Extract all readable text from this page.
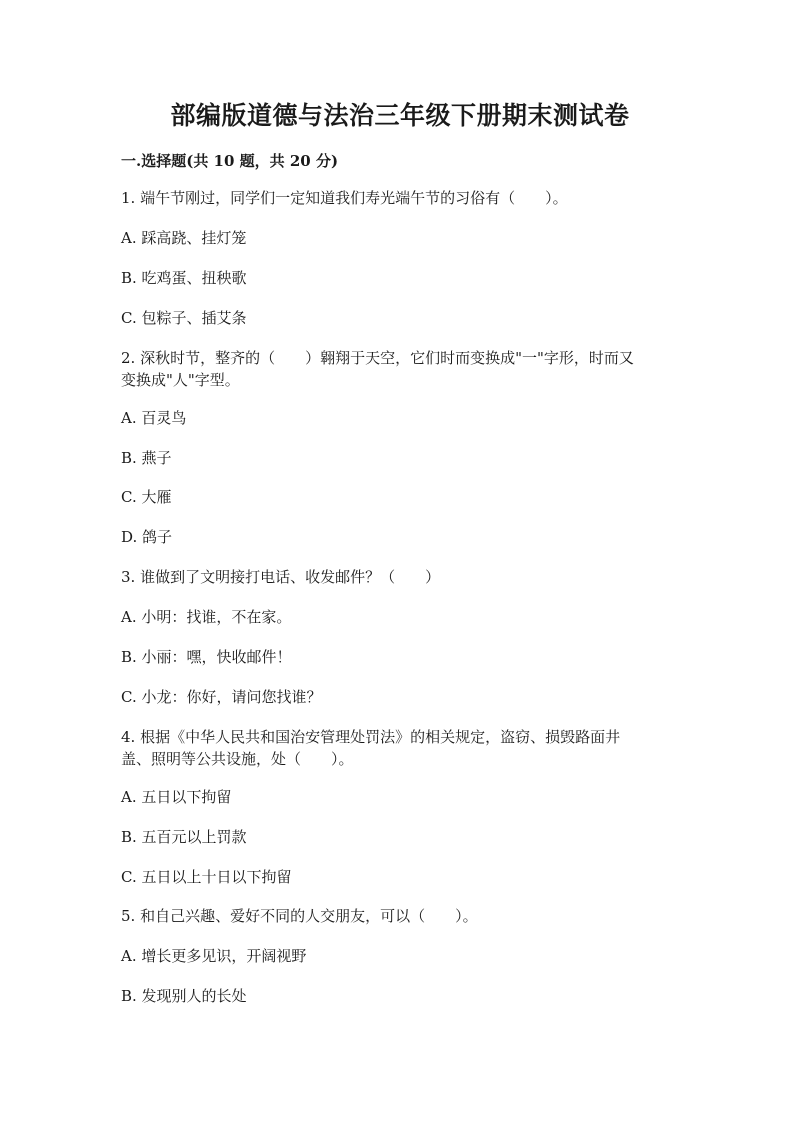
部编版道德与法治三年级下册期末测试卷
一.选择题(共 10 题，共 20 分)

1. 端午节刚过，同学们一定知道我们寿光端午节的习俗有（　　）。

A. 踩高跷、挂灯笼

B. 吃鸡蛋、扭秧歌

C. 包粽子、插艾条

2. 深秋时节，整齐的（　　）翱翔于天空，它们时而变换成"一"字形，时而又

变换成"人"字型。

A. 百灵鸟

B. 燕子

C. 大雁

D. 鸽子

3. 谁做到了文明接打电话、收发邮件？（　　）

A. 小明：找谁，不在家。

B. 小丽：嘿，快收邮件！

C. 小龙：你好，请问您找谁？

4. 根据《中华人民共和国治安管理处罚法》的相关规定，盗窃、损毁路面井

盖、照明等公共设施，处（　　）。

A. 五日以下拘留

B. 五百元以上罚款

C. 五日以上十日以下拘留

5. 和自己兴趣、爱好不同的人交朋友，可以（　　）。

A. 增长更多见识，开阔视野

B. 发现别人的长处
